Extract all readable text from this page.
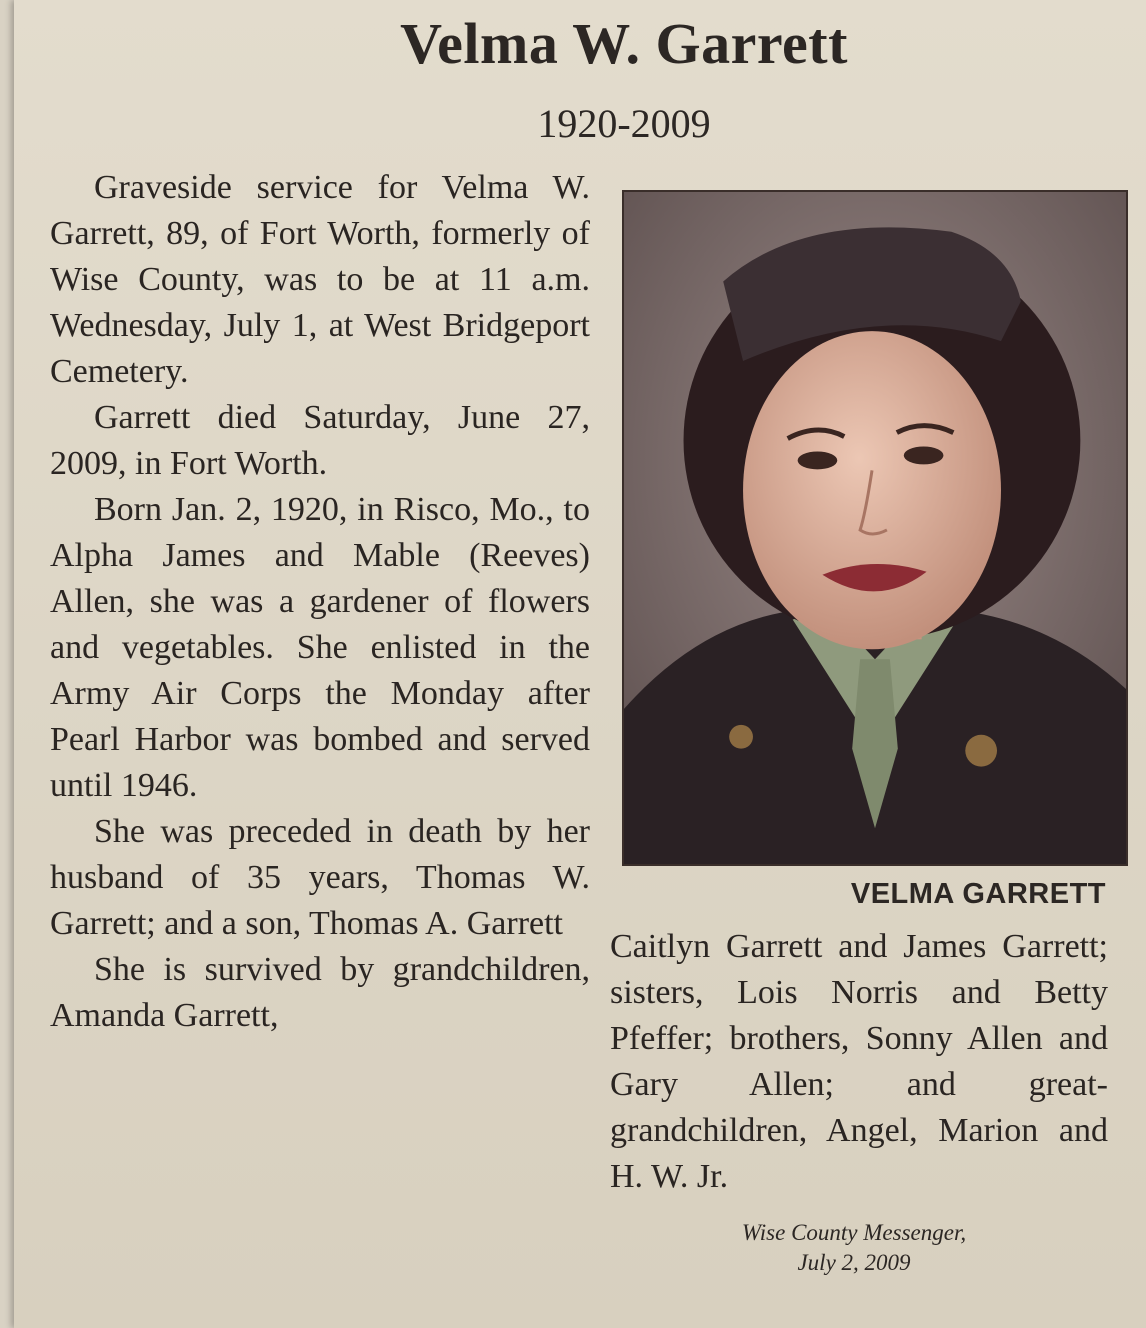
Velma W. Garrett
1920-2009

Graveside service for Velma W. Garrett, 89, of Fort Worth, formerly of Wise County, was to be at 11 a.m. Wednesday, July 1, at West Bridgeport Cemetery.

Garrett died Saturday, June 27, 2009, in Fort Worth.

Born Jan. 2, 1920, in Risco, Mo., to Alpha James and Mable (Reeves) Allen, she was a gardener of flowers and vegetables. She enlisted in the Army Air Corps the Monday after Pearl Harbor was bombed and served until 1946.

She was preceded in death by her husband of 35 years, Thomas W. Garrett; and a son, Thomas A. Garrett

She is survived by grandchildren, Amanda Garrett,

VELMA GARRETT

Caitlyn Garrett and James Garrett; sisters, Lois Norris and Betty Pfeffer; brothers, Sonny Allen and Gary Allen; and great-grandchildren, Angel, Marion and H. W. Jr.

Wise County Messenger,
July 2, 2009
